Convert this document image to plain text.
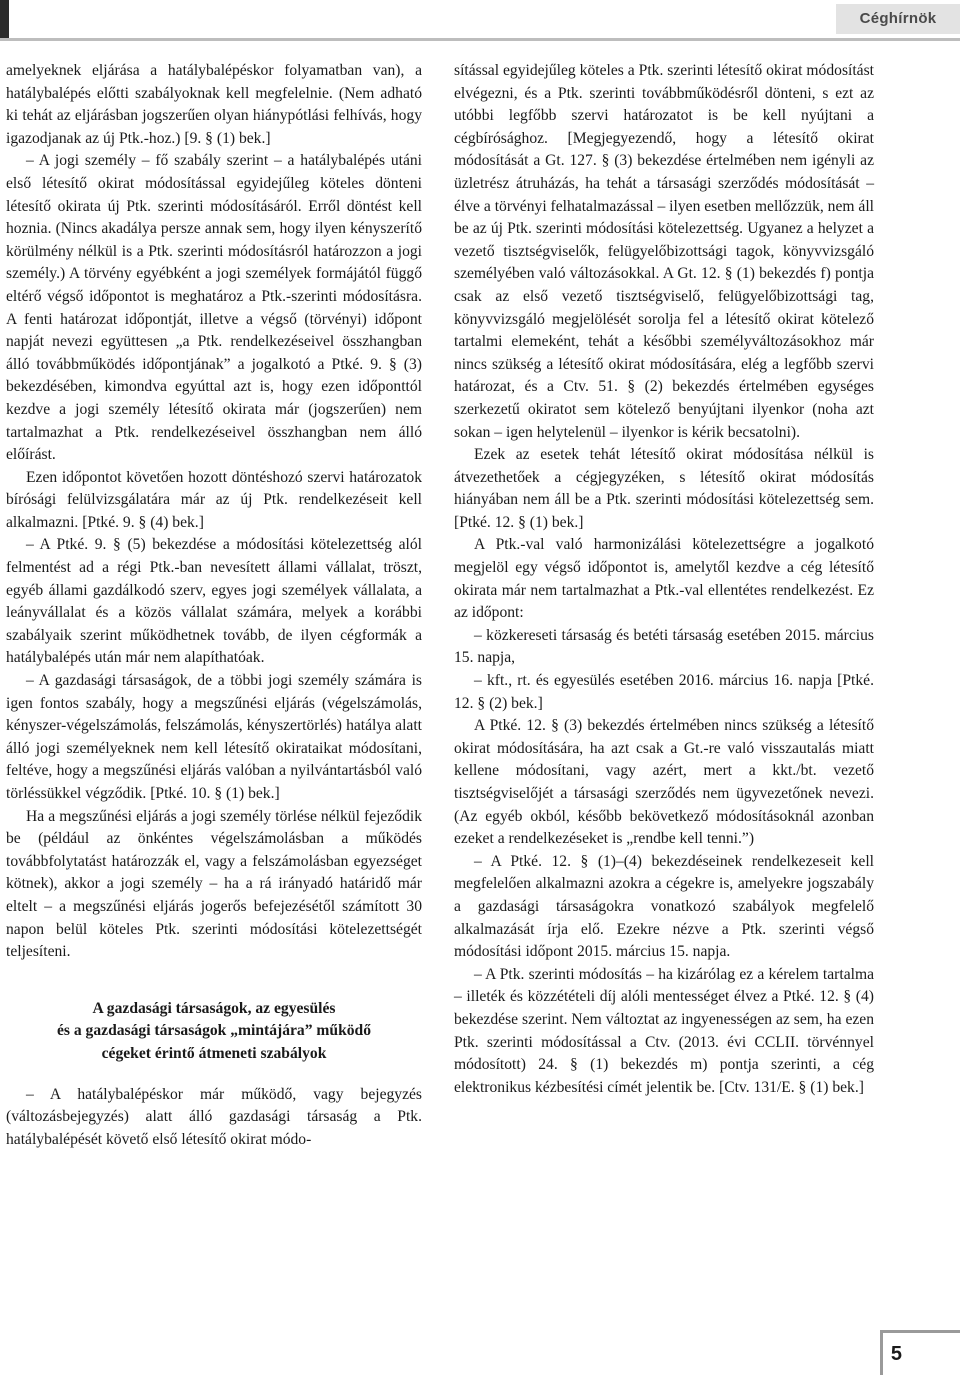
Céghírnök

amelyeknek eljárása a hatálybalépéskor folyamatban van), a hatálybalépés előtti szabályoknak kell megfelelnie. (Nem adható ki tehát az eljárásban jogszerűen olyan hiánypótlási felhívás, hogy igazodjanak az új Ptk.-hoz.) [9. § (1) bek.]

– A jogi személy – fő szabály szerint – a hatálybalépés utáni első létesítő okirat módosítással egyidejűleg köteles dönteni létesítő okirata új Ptk. szerinti módosításáról. Erről döntést kell hoznia. (Nincs akadálya persze annak sem, hogy ilyen kényszerítő körülmény nélkül is a Ptk. szerinti módosításról határozzon a jogi személy.) A törvény egyébként a jogi személyek formájától függő eltérő végső időpontot is meghatároz a Ptk.-szerinti módosításra. A fenti határozat időpontját, illetve a végső (törvényi) időpont napját nevezi együttesen „a Ptk. rendelkezéseivel összhangban álló továbbműködés időpontjának” a jogalkotó a Ptké. 9. § (3) bekezdésében, kimondva egyúttal azt is, hogy ezen időponttól kezdve a jogi személy létesítő okirata már (jogszerűen) nem tartalmazhat a Ptk. rendelkezéseivel összhangban nem álló előírást.

Ezen időpontot követően hozott döntéshozó szervi határozatok bírósági felülvizsgálatára már az új Ptk. rendelkezéseit kell alkalmazni. [Ptké. 9. § (4) bek.]

– A Ptké. 9. § (5) bekezdése a módosítási kötelezettség alól felmentést ad a régi Ptk.-ban nevesített állami vállalat, tröszt, egyéb állami gazdálkodó szerv, egyes jogi személyek vállalata, a leányvállalat és a közös vállalat számára, melyek a korábbi szabályaik szerint működhetnek tovább, de ilyen cégformák a hatálybalépés után már nem alapíthatóak.

– A gazdasági társaságok, de a többi jogi személy számára is igen fontos szabály, hogy a megszűnési eljárás (végelszámolás, kényszer-végelszámolás, felszámolás, kényszertörlés) hatálya alatt álló jogi személyeknek nem kell létesítő okirataikat módosítani, feltéve, hogy a megszűnési eljárás valóban a nyilvántartásból való törléssükkel végződik. [Ptké. 10. § (1) bek.]

Ha a megszűnési eljárás a jogi személy törlése nélkül fejeződik be (például az önkéntes végelszámolásban a működés továbbfolytatást határozzák el, vagy a felszámolásban egyezséget kötnek), akkor a jogi személy – ha a rá irányadó határidő már eltelt – a megszűnési eljárás jogerős befejezésétől számított 30 napon belül köteles Ptk. szerinti módosítási kötelezettségét teljesíteni.

A gazdasági társaságok, az egyesülés
és a gazdasági társaságok „mintájára” működő
cégeket érintő átmeneti szabályok

– A hatálybalépéskor már működő, vagy bejegyzés (változásbejegyzés) alatt álló gazdasági társaság a Ptk. hatálybalépését követő első létesítő okirat módo-

sítással egyidejűleg köteles a Ptk. szerinti létesítő okirat módosítást elvégezni, és a Ptk. szerinti továbbműködésről dönteni, s ezt az utóbbi legfőbb szervi határozatot is be kell nyújtani a cégbírósághoz. [Megjegyezendő, hogy a létesítő okirat módosítását a Gt. 127. § (3) bekezdése értelmében nem igényli az üzletrész átruházás, ha tehát a társasági szerződés módosítását – élve a törvényi felhatalmazással – ilyen esetben mellőzzük, nem áll be az új Ptk. szerinti módosítási kötelezettség. Ugyanez a helyzet a vezető tisztségviselők, felügyelőbizottsági tagok, könyvvizsgáló személyében való változásokkal. A Gt. 12. § (1) bekezdés f) pontja csak az első vezető tisztségviselő, felügyelőbizottsági tag, könyvvizsgáló megjelölését sorolja fel a létesítő okirat kötelező tartalmi elemeként, tehát a későbbi személyváltozásokhoz már nincs szükség a létesítő okirat módosítására, elég a legfőbb szervi határozat, és a Ctv. 51. § (2) bekezdés értelmében egységes szerkezetű okiratot sem kötelező benyújtani ilyenkor (noha azt sokan – igen helytelenül – ilyenkor is kérik becsatolni).

Ezek az esetek tehát létesítő okirat módosítása nélkül is átvezethetőek a cégjegyzéken, s létesítő okirat módosítás hiányában nem áll be a Ptk. szerinti módosítási kötelezettség sem. [Ptké. 12. § (1) bek.]

A Ptk.-val való harmonizálási kötelezettségre a jogalkotó megjelöl egy végső időpontot is, amelytől kezdve a cég létesítő okirata már nem tartalmazhat a Ptk.-val ellentétes rendelkezést. Ez az időpont:

– közkereseti társaság és betéti társaság esetében 2015. március 15. napja,

– kft., rt. és egyesülés esetében 2016. március 16. napja [Ptké. 12. § (2) bek.]

A Ptké. 12. § (3) bekezdés értelmében nincs szükség a létesítő okirat módosítására, ha azt csak a Gt.-re való visszautalás miatt kellene módosítani, vagy azért, mert a kkt./bt. vezető tisztségviselőjét a társasági szerződés nem ügyvezetőnek nevezi. (Az egyéb okból, később bekövetkező módosításoknál azonban ezeket a rendelkezéseket is „rendbe kell tenni.”)

– A Ptké. 12. § (1)–(4) bekezdéseinek rendelkezeseit kell megfelelően alkalmazni azokra a cégekre is, amelyekre jogszabály a gazdasági társaságokra vonatkozó szabályok megfelelő alkalmazását írja elő. Ezekre nézve a Ptk. szerinti végső módosítási időpont 2015. március 15. napja.

– A Ptk. szerinti módosítás – ha kizárólag ez a kérelem tartalma – illeték és közzétételi díj alóli mentességet élvez a Ptké. 12. § (4) bekezdése szerint. Nem változtat az ingyenességen az sem, ha ezen Ptk. szerinti módosítással a Ctv. (2013. évi CCLII. törvénnyel módosított) 24. § (1) bekezdés m) pontja szerinti, a cég elektronikus kézbesítési címét jelentik be. [Ctv. 131/E. § (1) bek.]

5
